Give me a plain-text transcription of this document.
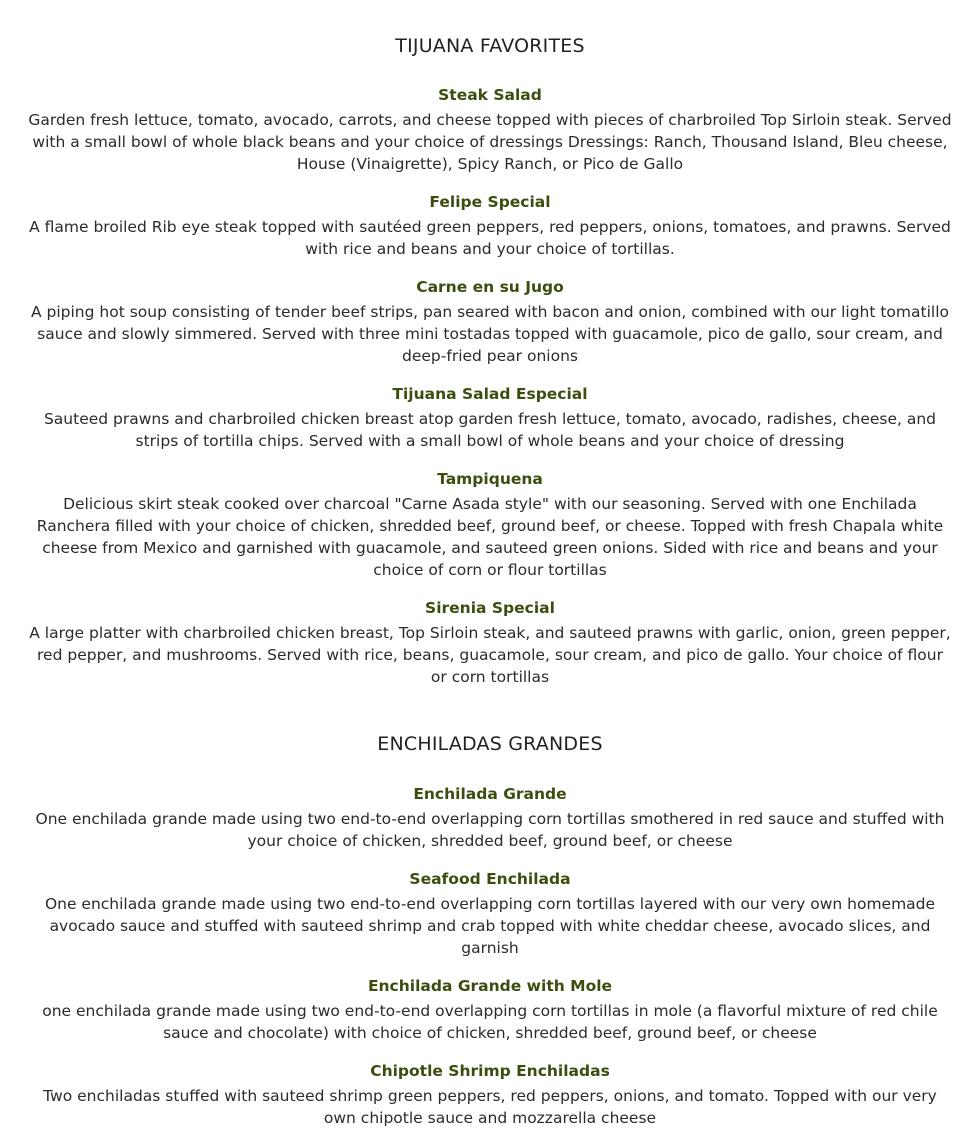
TIJUANA FAVORITES
Steak Salad
Garden fresh lettuce, tomato, avocado, carrots, and cheese topped with pieces of charbroiled Top Sirloin steak. Served with a small bowl of whole black beans and your choice of dressings Dressings: Ranch, Thousand Island, Bleu cheese, House (Vinaigrette), Spicy Ranch, or Pico de Gallo
Felipe Special
A flame broiled Rib eye steak topped with sautéed green peppers, red peppers, onions, tomatoes, and prawns. Served with rice and beans and your choice of tortillas.
Carne en su Jugo
A piping hot soup consisting of tender beef strips, pan seared with bacon and onion, combined with our light tomatillo sauce and slowly simmered. Served with three mini tostadas topped with guacamole, pico de gallo, sour cream, and deep-fried pear onions
Tijuana Salad Especial
Sauteed prawns and charbroiled chicken breast atop garden fresh lettuce, tomato, avocado, radishes, cheese, and strips of tortilla chips. Served with a small bowl of whole beans and your choice of dressing
Tampiquena
Delicious skirt steak cooked over charcoal "Carne Asada style" with our seasoning. Served with one Enchilada Ranchera filled with your choice of chicken, shredded beef, ground beef, or cheese. Topped with fresh Chapala white cheese from Mexico and garnished with guacamole, and sauteed green onions. Sided with rice and beans and your choice of corn or flour tortillas
Sirenia Special
A large platter with charbroiled chicken breast, Top Sirloin steak, and sauteed prawns with garlic, onion, green pepper, red pepper, and mushrooms. Served with rice, beans, guacamole, sour cream, and pico de gallo. Your choice of flour or corn tortillas
ENCHILADAS GRANDES
Enchilada Grande
One enchilada grande made using two end-to-end overlapping corn tortillas smothered in red sauce and stuffed with your choice of chicken, shredded beef, ground beef, or cheese
Seafood Enchilada
One enchilada grande made using two end-to-end overlapping corn tortillas layered with our very own homemade avocado sauce and stuffed with sauteed shrimp and crab topped with white cheddar cheese, avocado slices, and garnish
Enchilada Grande with Mole
one enchilada grande made using two end-to-end overlapping corn tortillas in mole (a flavorful mixture of red chile sauce and chocolate) with choice of chicken, shredded beef, ground beef, or cheese
Chipotle Shrimp Enchiladas
Two enchiladas stuffed with sauteed shrimp green peppers, red peppers, onions, and tomato. Topped with our very own chipotle sauce and mozzarella cheese
